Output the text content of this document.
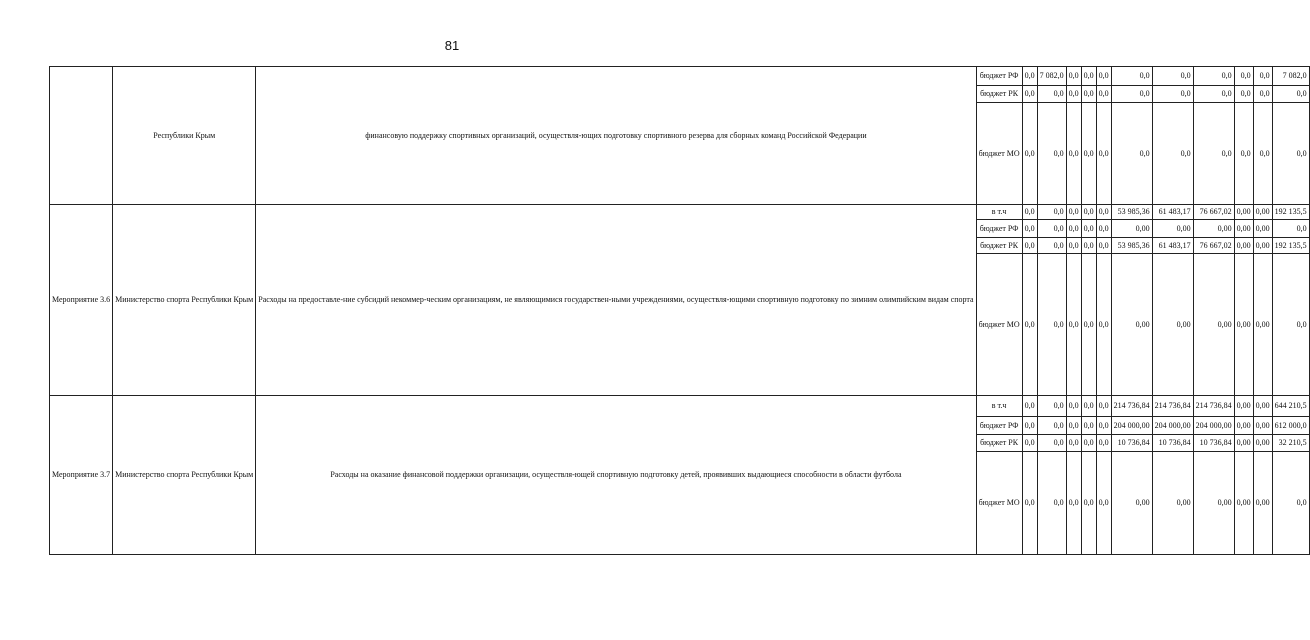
81
	Республики Крым	финансовую поддержку спортивных организаций, осуществля-ющих подготовку спортивного резерва для сборных команд Российской Федерации	бюджет РФ	0,0	7 082,0	0,0	0,0	0,0	0,0	0,0	0,0	0,0	0,0	7 082,0
			бюджет РК	0,0	0,0	0,0	0,0	0,0	0,0	0,0	0,0	0,0	0,0	0,0
			бюджет МО	0,0	0,0	0,0	0,0	0,0	0,0	0,0	0,0	0,0	0,0	0,0
Мероприятие 3.6	Министерство спорта Республики Крым	Расходы на предоставле-ние субсидий некоммер-ческим организациям, не являющимися государствен-ными учреждениями, осуществля-ющими спортивную подготовку по зимним олимпийским видам спорта	в т.ч	0,0	0,0	0,0	0,0	0,0	53 985,36	61 483,17	76 667,02	0,00	0,00	192 135,5
			бюджет РФ	0,0	0,0	0,0	0,0	0,0	0,00	0,00	0,00	0,00	0,00	0,0
			бюджет РК	0,0	0,0	0,0	0,0	0,0	53 985,36	61 483,17	76 667,02	0,00	0,00	192 135,5
			бюджет МО	0,0	0,0	0,0	0,0	0,0	0,00	0,00	0,00	0,00	0,00	0,0
Мероприятие 3.7	Министерство спорта Республики Крым	Расходы на оказание финансовой поддержки организации, осуществля-ющей спортивную подготовку детей, проявивших выдающиеся способности в области футбола	в т.ч	0,0	0,0	0,0	0,0	0,0	214 736,84	214 736,84	214 736,84	0,00	0,00	644 210,5
			бюджет РФ	0,0	0,0	0,0	0,0	0,0	204 000,00	204 000,00	204 000,00	0,00	0,00	612 000,0
			бюджет РК	0,0	0,0	0,0	0,0	0,0	10 736,84	10 736,84	10 736,84	0,00	0,00	32 210,5
			бюджет МО	0,0	0,0	0,0	0,0	0,0	0,00	0,00	0,00	0,00	0,00	0,0
